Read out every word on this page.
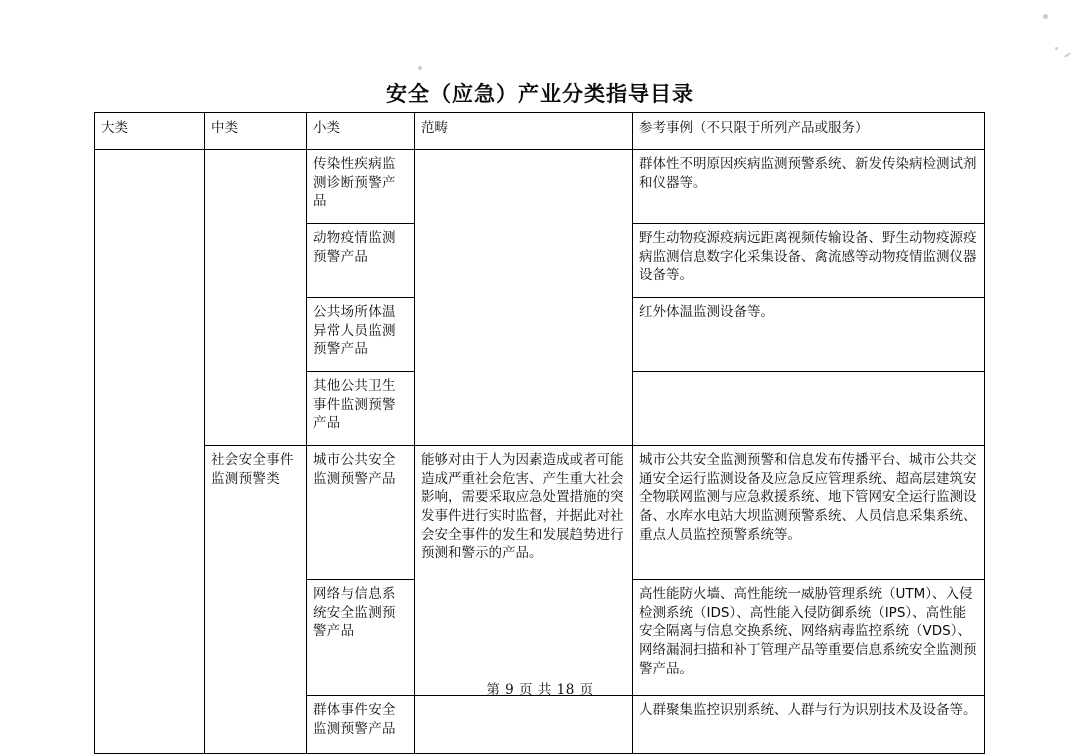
安全（应急）产业分类指导目录
大类	中类	小类	范畴	参考事例（不只限于所列产品或服务）
		传染性疾病监测诊断预警产品		群体性不明原因疾病监测预警系统、新发传染病检测试剂和仪器等。
		动物疫情监测预警产品		野生动物疫源疫病远距离视频传输设备、野生动物疫源疫病监测信息数字化采集设备、禽流感等动物疫情监测仪器设备等。
		公共场所体温异常人员监测预警产品		红外体温监测设备等。
		其他公共卫生事件监测预警产品		
	社会安全事件监测预警类	城市公共安全监测预警产品	能够对由于人为因素造成或者可能造成严重社会危害、产生重大社会影响，需要采取应急处置措施的突发事件进行实时监督，并据此对社会安全事件的发生和发展趋势进行预测和警示的产品。	城市公共安全监测预警和信息发布传播平台、城市公共交通安全运行监测设备及应急反应管理系统、超高层建筑安全物联网监测与应急救援系统、地下管网安全运行监测设备、水库水电站大坝监测预警系统、人员信息采集系统、重点人员监控预警系统等。
		网络与信息系统安全监测预警产品		高性能防火墙、高性能统一威胁管理系统（UTM）、入侵检测系统（IDS）、高性能入侵防御系统（IPS）、高性能安全隔离与信息交换系统、网络病毒监控系统（VDS）、网络漏洞扫描和补丁管理产品等重要信息系统安全监测预警产品。
		群体事件安全监测预警产品		人群聚集监控识别系统、人群与行为识别技术及设备等。
第 9 页 共 18 页
